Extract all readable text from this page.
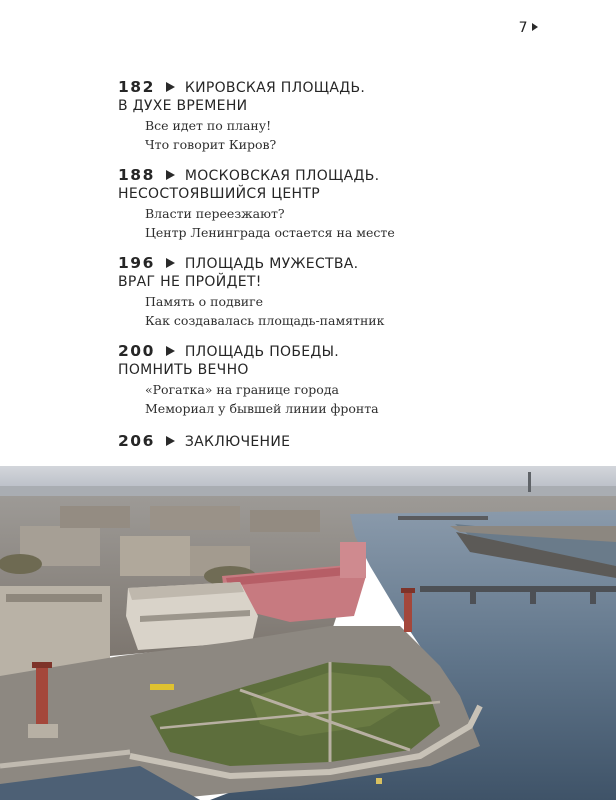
7
182 КИРОВСКАЯ ПЛОЩАДЬ.
В ДУХЕ ВРЕМЕНИ
Все идет по плану!
Что говорит Киров?
188 МОСКОВСКАЯ ПЛОЩАДЬ.
НЕСОСТОЯВШИЙСЯ ЦЕНТР
Власти переезжают?
Центр Ленинграда остается на месте
196 ПЛОЩАДЬ МУЖЕСТВА.
ВРАГ НЕ ПРОЙДЕТ!
Память о подвиге
Как создавалась площадь-памятник
200 ПЛОЩАДЬ ПОБЕДЫ.
ПОМНИТЬ ВЕЧНО
«Рогатка» на границе города
Мемориал у бывшей линии фронта
206 ЗАКЛЮЧЕНИЕ
